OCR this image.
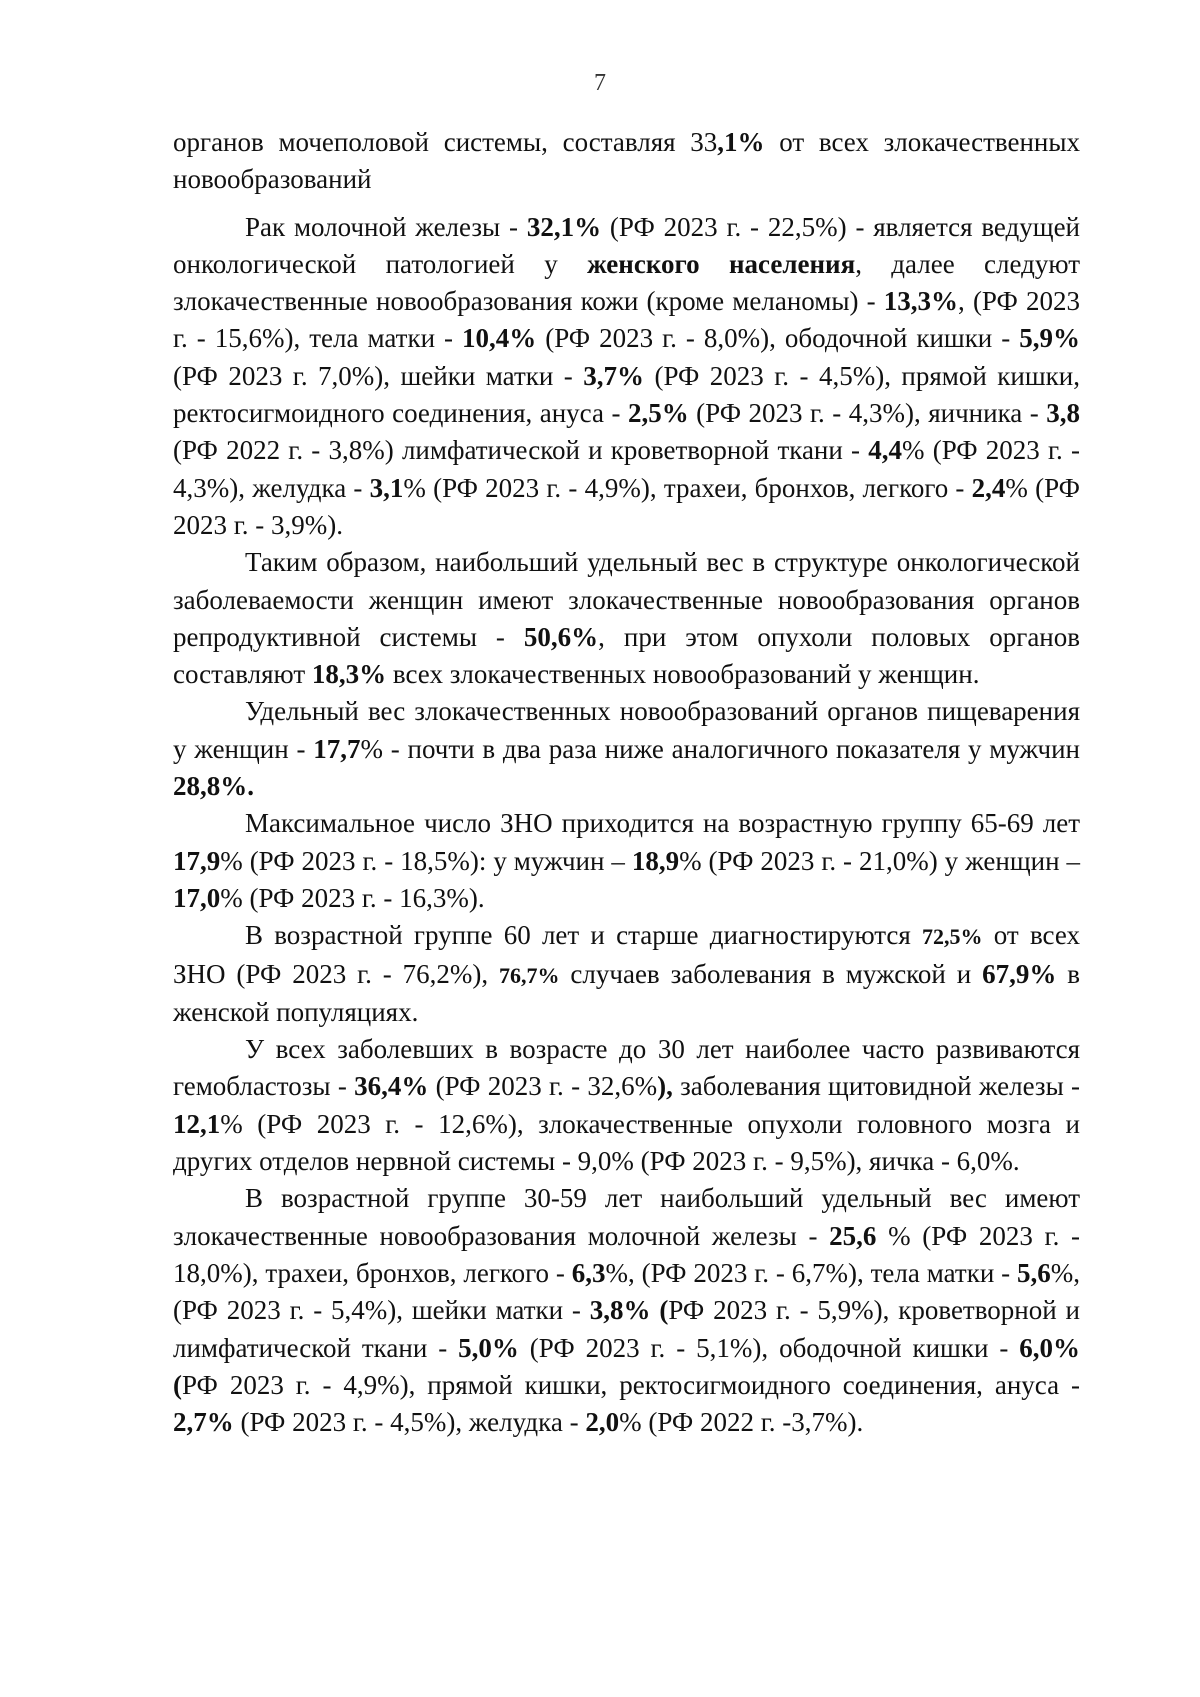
7

органов мочеполовой системы, составляя 33,1% от всех злокачественных новообразований

Рак молочной железы - 32,1% (РФ 2023 г. - 22,5%) - является ведущей онкологической патологией у женского населения, далее следуют злокачественные новообразования кожи (кроме меланомы) - 13,3%, (РФ 2023 г. - 15,6%), тела матки - 10,4% (РФ 2023 г. - 8,0%), ободочной кишки - 5,9% (РФ 2023 г. 7,0%), шейки матки - 3,7% (РФ 2023 г. - 4,5%), прямой кишки, ректосигмоидного соединения, ануса - 2,5% (РФ 2023 г. - 4,3%), яичника - 3,8 (РФ 2022 г. - 3,8%) лимфатической и кроветворной ткани - 4,4% (РФ 2023 г. - 4,3%), желудка - 3,1% (РФ 2023 г. - 4,9%), трахеи, бронхов, легкого - 2,4% (РФ 2023 г. - 3,9%).

Таким образом, наибольший удельный вес в структуре онкологической заболеваемости женщин имеют злокачественные новообразования органов репродуктивной системы - 50,6%, при этом опухоли половых органов составляют 18,3% всех злокачественных новообразований у женщин.

Удельный вес злокачественных новообразований органов пищеварения у женщин - 17,7% - почти в два раза ниже аналогичного показателя у мужчин 28,8%.

Максимальное число ЗНО приходится на возрастную группу 65-69 лет 17,9% (РФ 2023 г. - 18,5%): у мужчин – 18,9% (РФ 2023 г. - 21,0%) у женщин – 17,0% (РФ 2023 г. - 16,3%).

В возрастной группе 60 лет и старше диагностируются 72,5% от всех ЗНО (РФ 2023 г. - 76,2%), 76,7% случаев заболевания в мужской и 67,9% в женской популяциях.

У всех заболевших в возрасте до 30 лет наиболее часто развиваются гемобластозы - 36,4% (РФ 2023 г. - 32,6%), заболевания щитовидной железы - 12,1% (РФ 2023 г. - 12,6%), злокачественные опухоли головного мозга и других отделов нервной системы - 9,0% (РФ 2023 г. - 9,5%), яичка - 6,0%.

В возрастной группе 30-59 лет наибольший удельный вес имеют злокачественные новообразования молочной железы - 25,6 % (РФ 2023 г. - 18,0%), трахеи, бронхов, легкого - 6,3%, (РФ 2023 г. - 6,7%), тела матки - 5,6%, (РФ 2023 г. - 5,4%), шейки матки - 3,8% (РФ 2023 г. - 5,9%), кроветворной и лимфатической ткани - 5,0% (РФ 2023 г. - 5,1%), ободочной кишки - 6,0% (РФ 2023 г. - 4,9%), прямой кишки, ректосигмоидного соединения, ануса - 2,7% (РФ 2023 г. - 4,5%), желудка - 2,0% (РФ 2022 г. -3,7%).
